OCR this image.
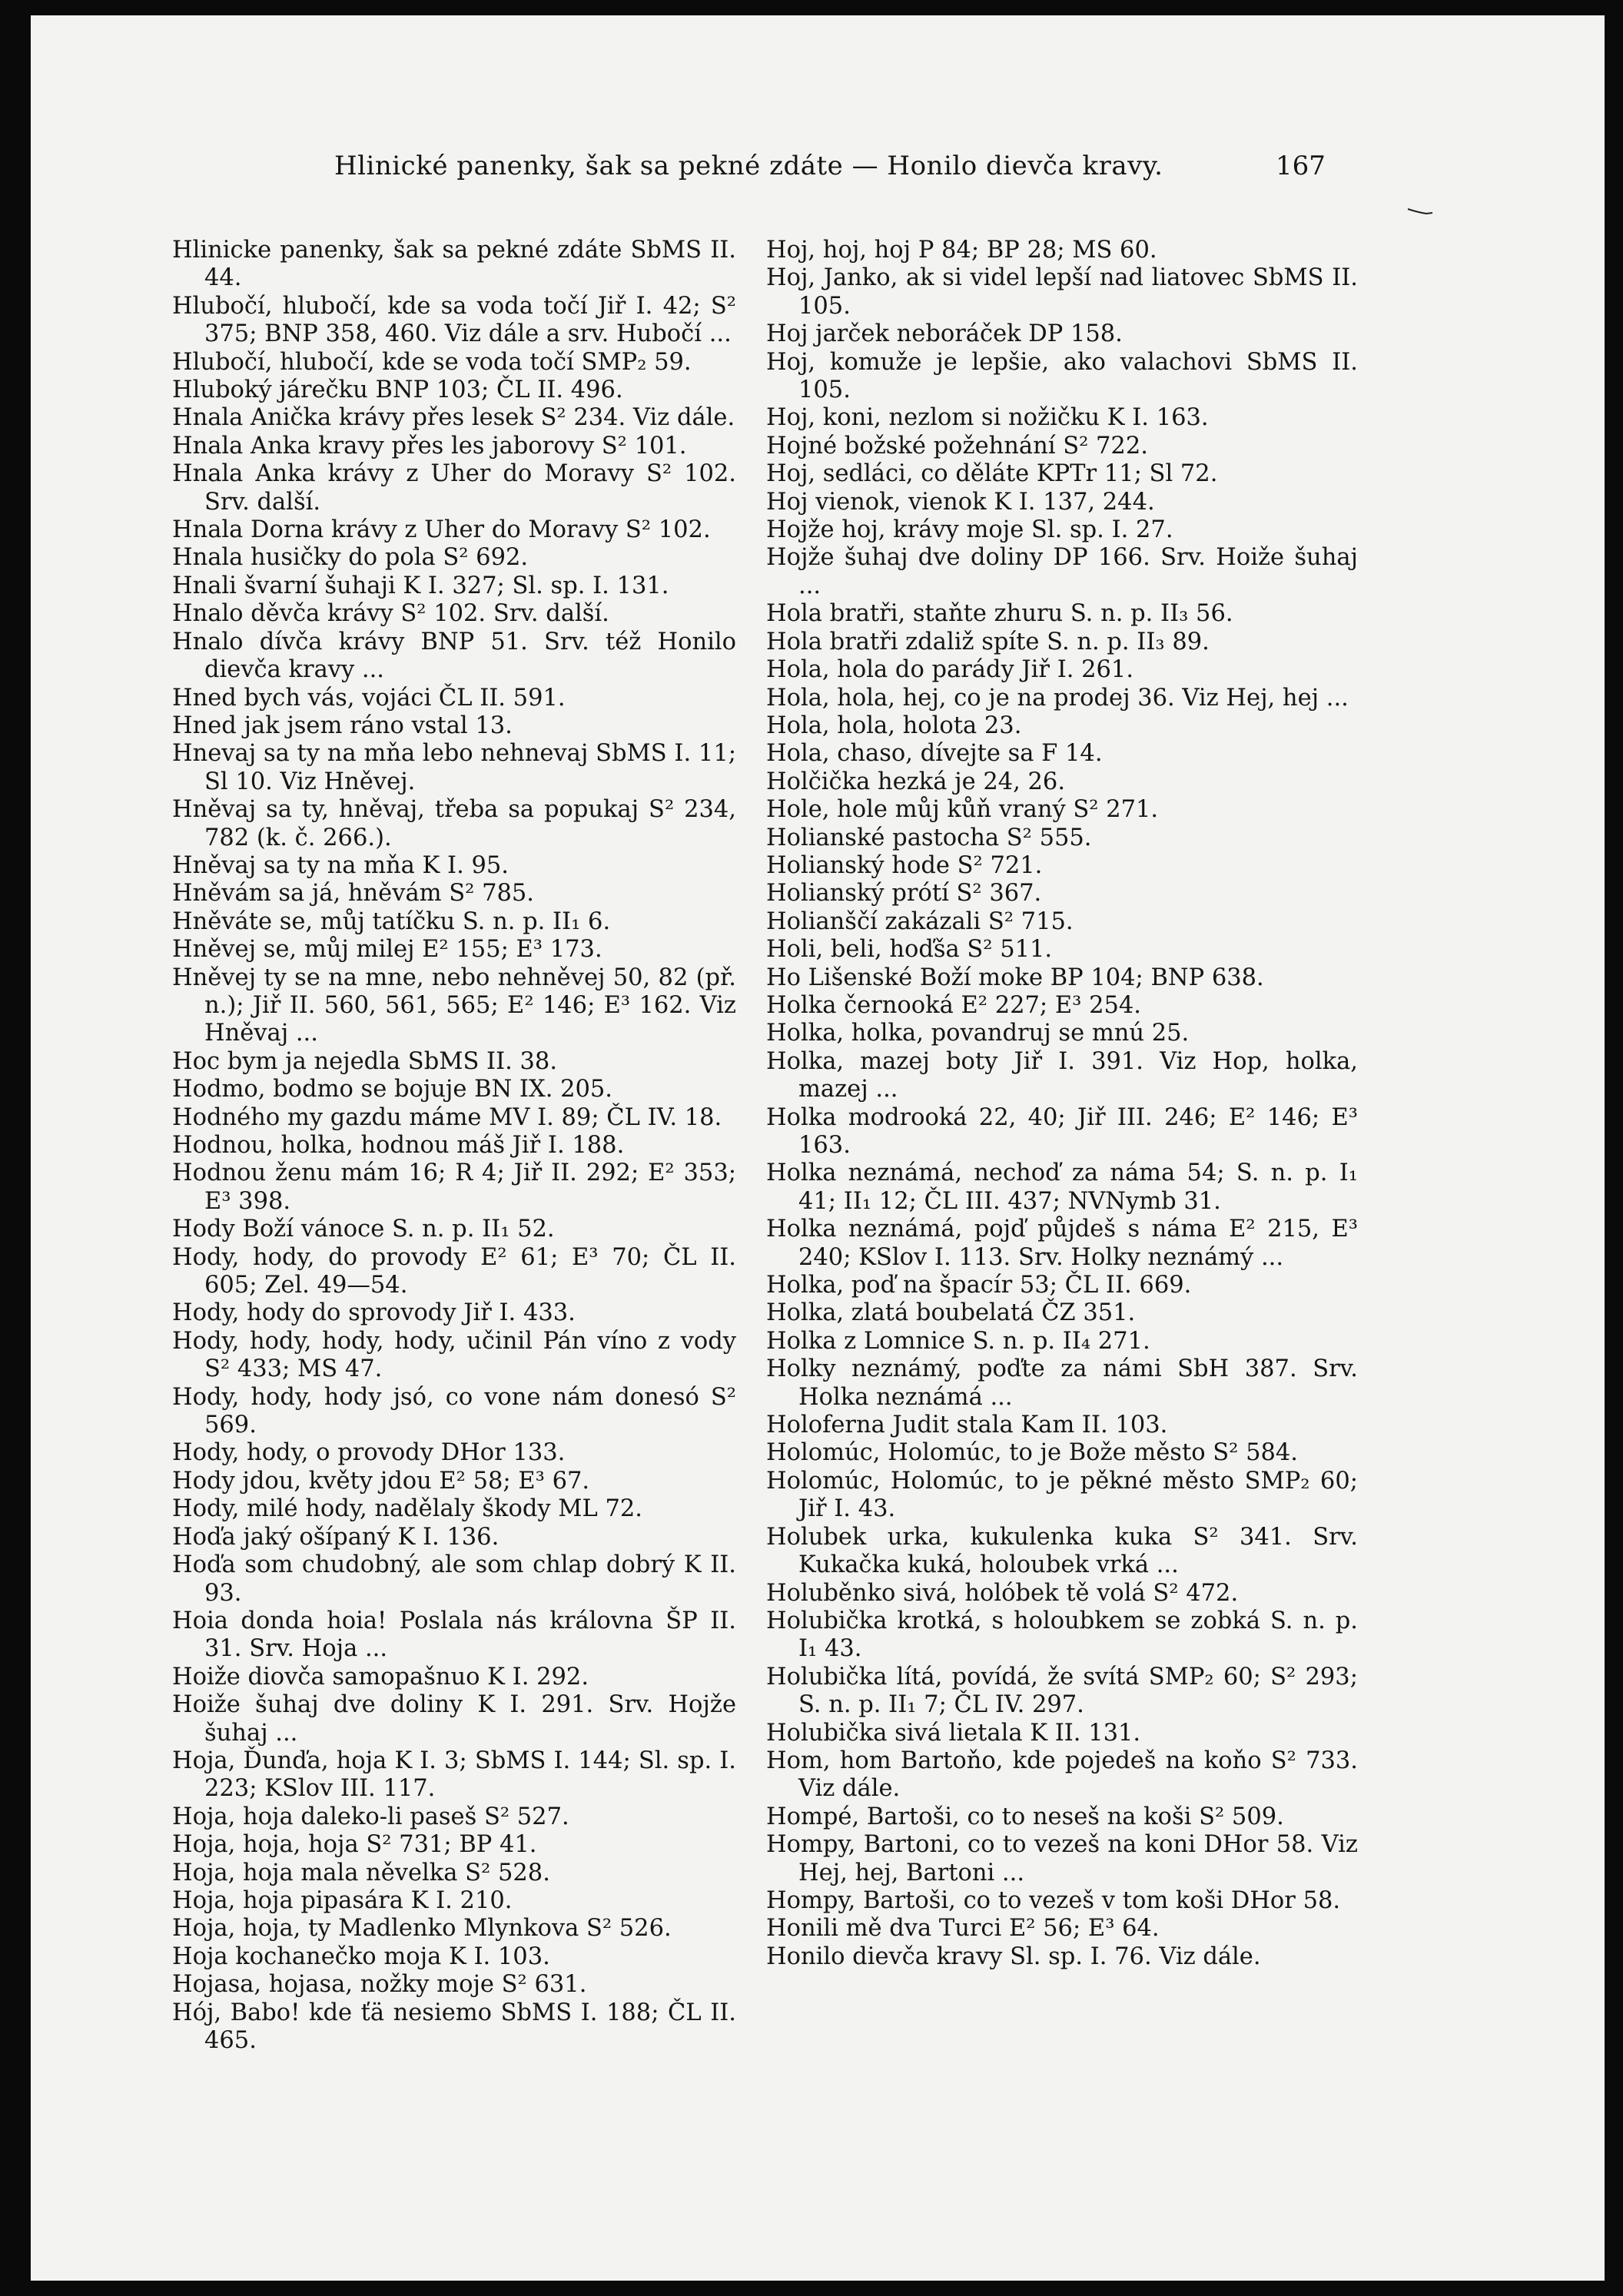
Hlinické panenky, šak sa pekné zdáte — Honilo dievča kravy.	167

Hlinicke panenky, šak sa pekné zdáte SbMS II. 44.

Hlubočí, hlubočí, kde sa voda točí Jiř I. 42; S² 375; BNP 358, 460. Viz dále a srv. Hubočí ...

Hlubočí, hlubočí, kde se voda točí SMP₂ 59.

Hluboký járečku BNP 103; ČL II. 496.

Hnala Anička krávy přes lesek S² 234. Viz dále.

Hnala Anka kravy přes les jaborovy S² 101.

Hnala Anka krávy z Uher do Moravy S² 102. Srv. další.

Hnala Dorna krávy z Uher do Moravy S² 102.

Hnala husičky do pola S² 692.

Hnali švarní šuhaji K I. 327; Sl. sp. I. 131.

Hnalo děvča krávy S² 102. Srv. další.

Hnalo dívča krávy BNP 51. Srv. též Honilo dievča kravy ...

Hned bych vás, vojáci ČL II. 591.

Hned jak jsem ráno vstal 13.

Hnevaj sa ty na mňa lebo nehnevaj SbMS I. 11; Sl 10. Viz Hněvej.

Hněvaj sa ty, hněvaj, třeba sa popukaj S² 234, 782 (k. č. 266.).

Hněvaj sa ty na mňa K I. 95.

Hněvám sa já, hněvám S² 785.

Hněváte se, můj tatíčku S. n. p. II₁ 6.

Hněvej se, můj milej E² 155; E³ 173.

Hněvej ty se na mne, nebo nehněvej 50, 82 (př. n.); Jiř II. 560, 561, 565; E² 146; E³ 162. Viz Hněvaj ...

Hoc bym ja nejedla SbMS II. 38.

Hodmo, bodmo se bojuje BN IX. 205.

Hodného my gazdu máme MV I. 89; ČL IV. 18.

Hodnou, holka, hodnou máš Jiř I. 188.

Hodnou ženu mám 16; R 4; Jiř II. 292; E² 353; E³ 398.

Hody Boží vánoce S. n. p. II₁ 52.

Hody, hody, do provody E² 61; E³ 70; ČL II. 605; Zel. 49—54.

Hody, hody do sprovody Jiř I. 433.

Hody, hody, hody, hody, učinil Pán víno z vody S² 433; MS 47.

Hody, hody, hody jsó, co vone nám donesó S² 569.

Hody, hody, o provody DHor 133.

Hody jdou, květy jdou E² 58; E³ 67.

Hody, milé hody, nadělaly škody ML 72.

Hoďa jaký ošípaný K I. 136.

Hoďa som chudobný, ale som chlap dobrý K II. 93.

Hoia donda hoia! Poslala nás královna ŠP II. 31. Srv. Hoja ...

Hoiže diovča samopašnuo K I. 292.

Hoiže šuhaj dve doliny K I. 291. Srv. Hojže šuhaj ...

Hoja, Ďunďa, hoja K I. 3; SbMS I. 144; Sl. sp. I. 223; KSlov III. 117.

Hoja, hoja daleko-li paseš S² 527.

Hoja, hoja, hoja S² 731; BP 41.

Hoja, hoja mala něvelka S² 528.

Hoja, hoja pipasára K I. 210.

Hoja, hoja, ty Madlenko Mlynkova S² 526.

Hoja kochanečko moja K I. 103.

Hojasa, hojasa, nožky moje S² 631.

Hój, Babo! kde ťä nesiemo SbMS I. 188; ČL II. 465.

Hoj, hoj, hoj P 84; BP 28; MS 60.

Hoj, Janko, ak si videl lepší nad liatovec SbMS II. 105.

Hoj jarček neboráček DP 158.

Hoj, komuže je lepšie, ako valachovi SbMS II. 105.

Hoj, koni, nezlom si nožičku K I. 163.

Hojné božské požehnání S² 722.

Hoj, sedláci, co děláte KPTr 11; Sl 72.

Hoj vienok, vienok K I. 137, 244.

Hojže hoj, krávy moje Sl. sp. I. 27.

Hojže šuhaj dve doliny DP 166. Srv. Hoiže šuhaj ...

Hola bratři, staňte zhuru S. n. p. II₃ 56.

Hola bratři zdaliž spíte S. n. p. II₃ 89.

Hola, hola do parády Jiř I. 261.

Hola, hola, hej, co je na prodej 36. Viz Hej, hej ...

Hola, hola, holota 23.

Hola, chaso, dívejte sa F 14.

Holčička hezká je 24, 26.

Hole, hole můj kůň vraný S² 271.

Holianské pastocha S² 555.

Holianský hode S² 721.

Holianský prótí S² 367.

Holianščí zakázali S² 715.

Holi, beli, hoďša S² 511.

Ho Lišenské Boží moke BP 104; BNP 638.

Holka černooká E² 227; E³ 254.

Holka, holka, povandruj se mnú 25.

Holka, mazej boty Jiř I. 391. Viz Hop, holka, mazej ...

Holka modrooká 22, 40; Jiř III. 246; E² 146; E³ 163.

Holka neznámá, nechoď za náma 54; S. n. p. I₁ 41; II₁ 12; ČL III. 437; NVNymb 31.

Holka neznámá, pojď půjdeš s náma E² 215, E³ 240; KSlov I. 113. Srv. Holky neznámý ...

Holka, poď na špacír 53; ČL II. 669.

Holka, zlatá boubelatá ČZ 351.

Holka z Lomnice S. n. p. II₄ 271.

Holky neznámý, poďte za námi SbH 387. Srv. Holka neznámá ...

Holoferna Judit stala Kam II. 103.

Holomúc, Holomúc, to je Bože město S² 584.

Holomúc, Holomúc, to je pěkné město SMP₂ 60; Jiř I. 43.

Holubek urka, kukulenka kuka S² 341. Srv. Kukačka kuká, holoubek vrká ...

Holuběnko sivá, holóbek tě volá S² 472.

Holubička krotká, s holoubkem se zobká S. n. p. I₁ 43.

Holubička lítá, povídá, že svítá SMP₂ 60; S² 293; S. n. p. II₁ 7; ČL IV. 297.

Holubička sivá lietala K II. 131.

Hom, hom Bartoňo, kde pojedeš na koňo S² 733. Viz dále.

Hompé, Bartoši, co to neseš na koši S² 509.

Hompy, Bartoni, co to vezeš na koni DHor 58. Viz Hej, hej, Bartoni ...

Hompy, Bartoši, co to vezeš v tom koši DHor 58.

Honili mě dva Turci E² 56; E³ 64.

Honilo dievča kravy Sl. sp. I. 76. Viz dále.
